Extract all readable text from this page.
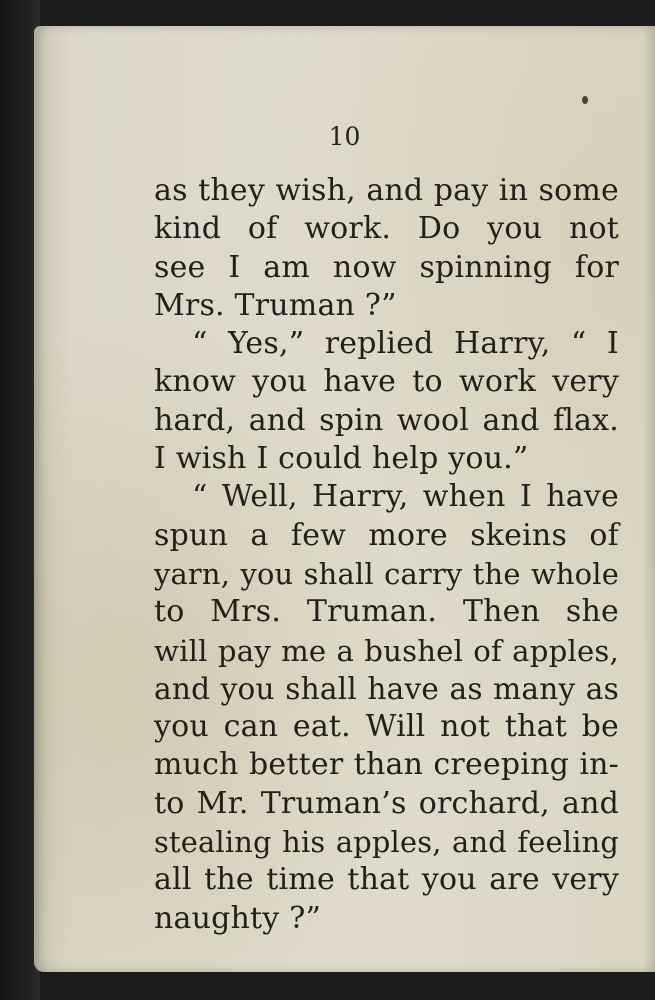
10
as they wish, and pay in some
kind of work. Do you not
see I am now spinning for
Mrs. Truman ?”
“ Yes,” replied Harry, “ I
know you have to work very
hard, and spin wool and flax.
I wish I could help you.”
“ Well, Harry, when I have
spun a few more skeins of
yarn, you shall carry the whole
to Mrs. Truman. Then she
will pay me a bushel of apples,
and you shall have as many as
you can eat. Will not that be
much better than creeping in-
to Mr. Truman’s orchard, and
stealing his apples, and feeling
all the time that you are very
naughty ?”
